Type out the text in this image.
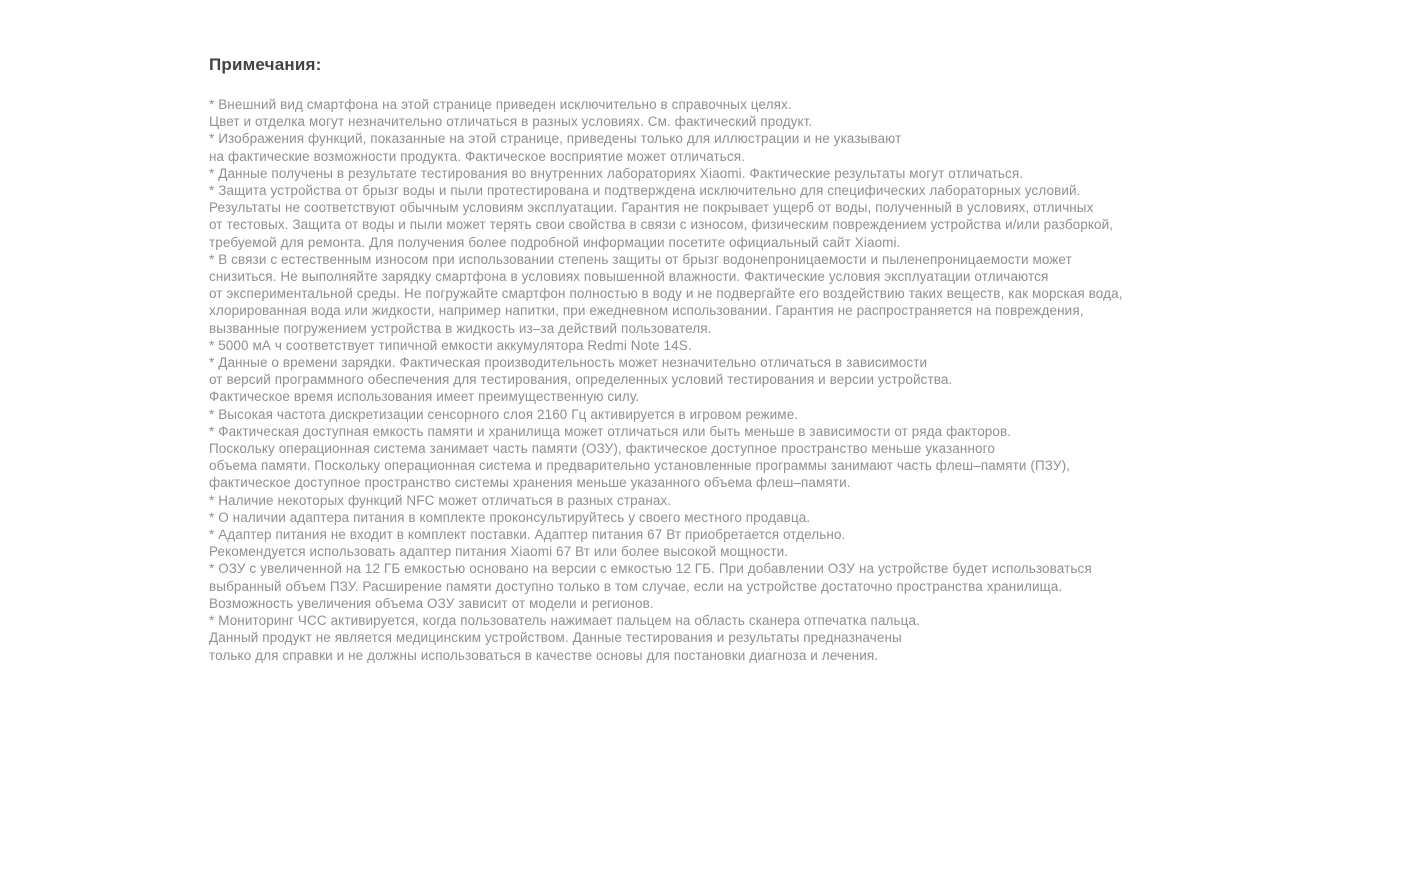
Примечания:
* Внешний вид смартфона на этой странице приведен исключительно в справочных целях.
Цвет и отделка могут незначительно отличаться в разных условиях. См. фактический продукт.
* Изображения функций, показанные на этой странице, приведены только для иллюстрации и не указывают
на фактические возможности продукта. Фактическое восприятие может отличаться.
* Данные получены в результате тестирования во внутренних лабораториях Xiaomi. Фактические результаты могут отличаться.
* Защита устройства от брызг воды и пыли протестирована и подтверждена исключительно для специфических лабораторных условий.
Результаты не соответствуют обычным условиям эксплуатации. Гарантия не покрывает ущерб от воды, полученный в условиях, отличных
от тестовых. Защита от воды и пыли может терять свои свойства в связи с износом, физическим повреждением устройства и/или разборкой,
требуемой для ремонта. Для получения более подробной информации посетите официальный сайт Xiaomi.
* В связи с естественным износом при использовании степень защиты от брызг водонепроницаемости и пыленепроницаемости может
снизиться. Не выполняйте зарядку смартфона в условиях повышенной влажности. Фактические условия эксплуатации отличаются
от экспериментальной среды. Не погружайте смартфон полностью в воду и не подвергайте его воздействию таких веществ, как морская вода,
хлорированная вода или жидкости, например напитки, при ежедневном использовании. Гарантия не распространяется на повреждения,
вызванные погружением устройства в жидкость из–за действий пользователя.
* 5000 мА ч соответствует типичной емкости аккумулятора Redmi Note 14S.
* Данные о времени зарядки. Фактическая производительность может незначительно отличаться в зависимости
от версий программного обеспечения для тестирования, определенных условий тестирования и версии устройства.
Фактическое время использования имеет преимущественную силу.
* Высокая частота дискретизации сенсорного слоя 2160 Гц активируется в игровом режиме.
* Фактическая доступная емкость памяти и хранилища может отличаться или быть меньше в зависимости от ряда факторов.
Поскольку операционная система занимает часть памяти (ОЗУ), фактическое доступное пространство меньше указанного
объема памяти. Поскольку операционная система и предварительно установленные программы занимают часть флеш–памяти (ПЗУ),
фактическое доступное пространство системы хранения меньше указанного объема флеш–памяти.
* Наличие некоторых функций NFC может отличаться в разных странах.
* О наличии адаптера питания в комплекте проконсультируйтесь у своего местного продавца.
* Адаптер питания не входит в комплект поставки. Адаптер питания 67 Вт приобретается отдельно.
Рекомендуется использовать адаптер питания Xiaomi 67 Вт или более высокой мощности.
* ОЗУ с увеличенной на 12 ГБ емкостью основано на версии с емкостью 12 ГБ. При добавлении ОЗУ на устройстве будет использоваться
выбранный объем ПЗУ. Расширение памяти доступно только в том случае, если на устройстве достаточно пространства хранилища.
Возможность увеличения объема ОЗУ зависит от модели и регионов.
* Мониторинг ЧСС активируется, когда пользователь нажимает пальцем на область сканера отпечатка пальца.
Данный продукт не является медицинским устройством. Данные тестирования и результаты предназначены
только для справки и не должны использоваться в качестве основы для постановки диагноза и лечения.
